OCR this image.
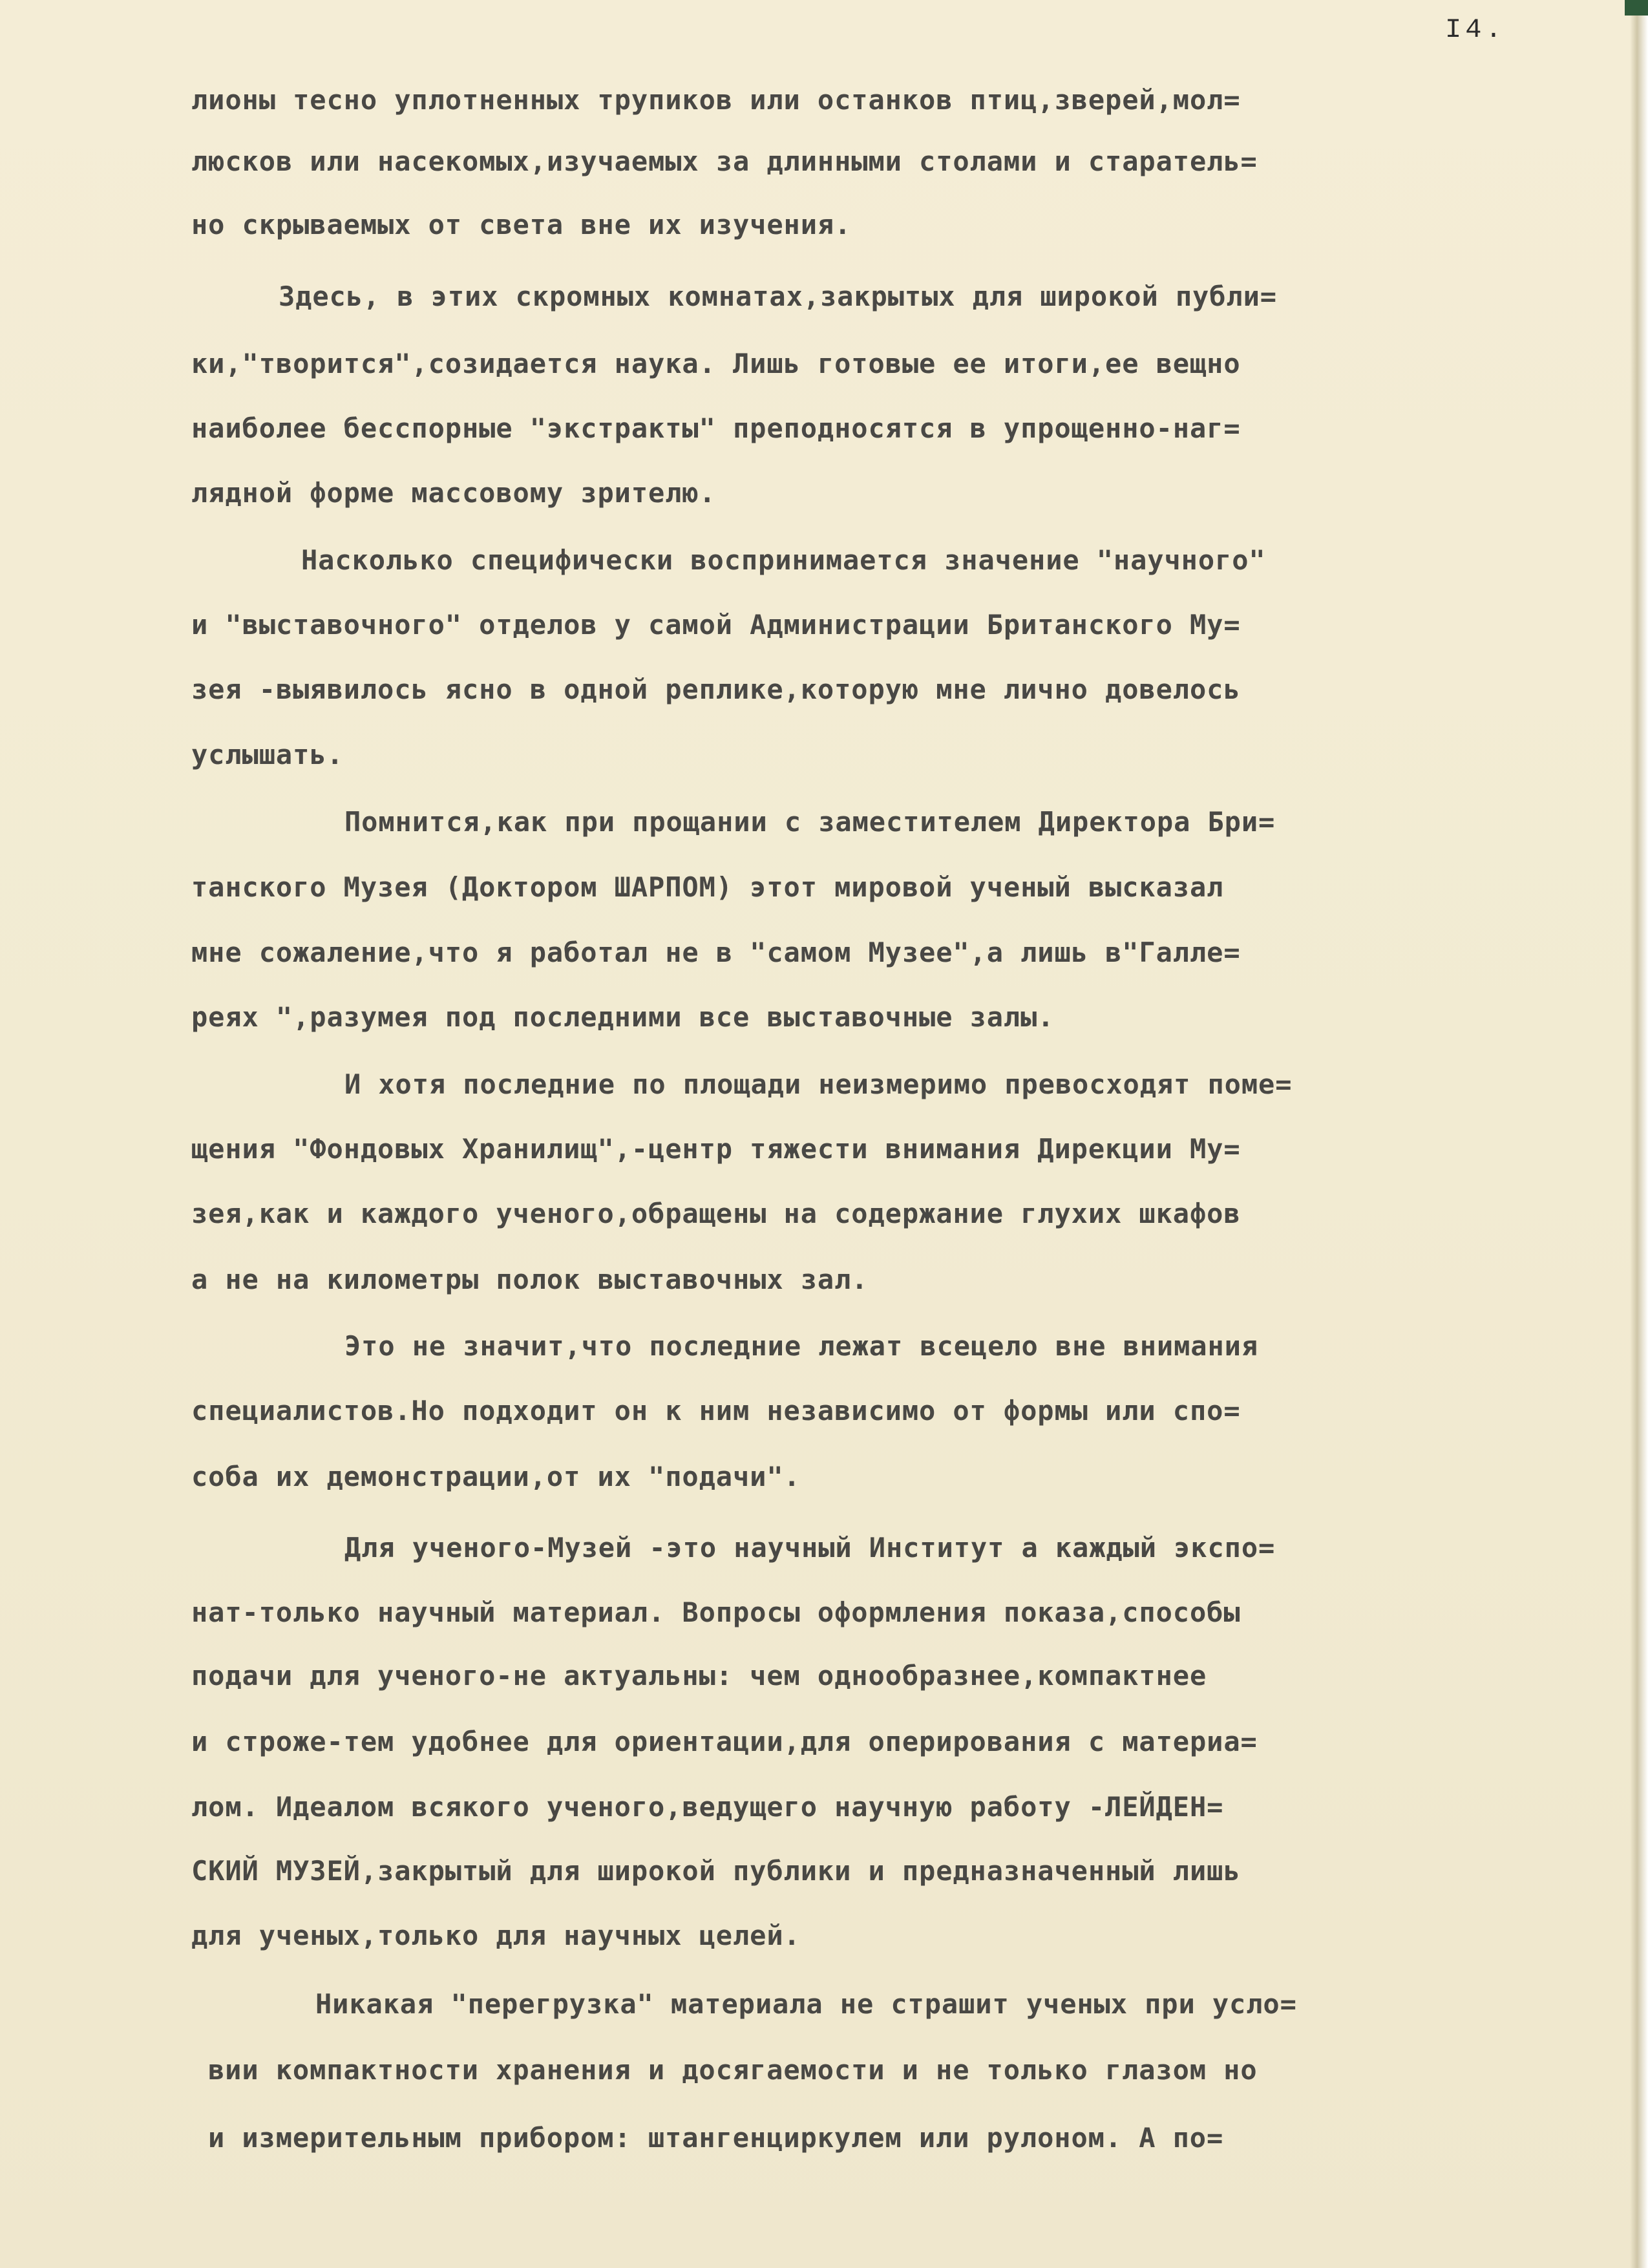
I4.
лионы тесно уплотненных трупиков или останков птиц,зверей,мол=
люсков или насекомых,изучаемых за длинными столами и старатель=
но скрываемых от света вне их изучения.
Здесь, в этих скромных комнатах,закрытых для широкой публи=
ки,"творится",созидается наука. Лишь готовые ее итоги,ее вещно
наиболее бесспорные "экстракты" преподносятся в упрощенно-наг=
лядной форме массовому зрителю.
Насколько специфически воспринимается значение "научного"
и "выставочного" отделов у самой Администрации Британского Му=
зея -выявилось ясно в одной реплике,которую мне лично довелось
услышать.
Помнится,как при прощании с заместителем Директора Бри=
танского Музея (Доктором ШАРПОМ) этот мировой ученый высказал
мне сожаление,что я работал не в "самом Музее",а лишь в"Галле=
реях ",разумея под последними все выставочные залы.
И хотя последние по площади неизмеримо превосходят поме=
щения "Фондовых Хранилищ",-центр тяжести внимания Дирекции Му=
зея,как и каждого ученого,обращены на содержание глухих шкафов
а не на километры полок выставочных зал.
Это не значит,что последние лежат всецело вне внимания
специалистов.Но подходит он к ним независимо от формы или спо=
соба их демонстрации,от их "подачи".
Для ученого-Музей -это научный Институт а каждый экспо=
нат-только научный материал. Вопросы оформления показа,способы
подачи для ученого-не актуальны: чем однообразнее,компактнее
и строже-тем удобнее для ориентации,для оперирования с материа=
лом. Идеалом всякого ученого,ведущего научную работу -ЛЕЙДЕН=
СКИЙ МУЗЕЙ,закрытый для широкой публики и предназначенный лишь
для ученых,только для научных целей.
Никакая "перегрузка" материала не страшит ученых при усло=
вии компактности хранения и досягаемости и не только глазом но
и измерительным прибором: штангенциркулем или рулоном. А по=
